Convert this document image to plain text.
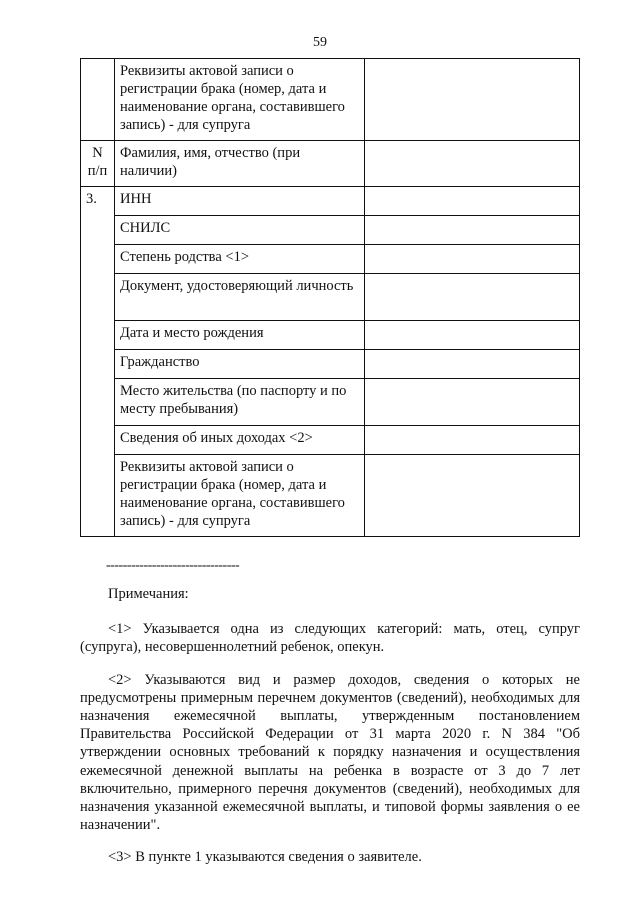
59
	Реквизиты актовой записи о регистрации брака (номер, дата и наименование органа, составившего запись) - для супруга	
N п/п	Фамилия, имя, отчество (при наличии)	
3.	ИНН	
	СНИЛС	
	Степень родства <1>	
	Документ, удостоверяющий личность	
	Дата и место рождения	
	Гражданство	
	Место жительства (по паспорту и по месту пребывания)	
	Сведения об иных доходах <2>	
	Реквизиты актовой записи о регистрации брака (номер, дата и наименование органа, составившего запись) - для супруга	
--------------------------------

Примечания:

<1> Указывается одна из следующих категорий: мать, отец, супруг (супруга), несовершеннолетний ребенок, опекун.

<2> Указываются вид и размер доходов, сведения о которых не предусмотрены примерным перечнем документов (сведений), необходимых для назначения ежемесячной выплаты, утвержденным постановлением Правительства Российской Федерации от 31 марта 2020 г. N 384 "Об утверждении основных требований к порядку назначения и осуществления ежемесячной денежной выплаты на ребенка в возрасте от 3 до 7 лет включительно, примерного перечня документов (сведений), необходимых для назначения указанной ежемесячной выплаты, и типовой формы заявления о ее назначении".

<3> В пункте 1 указываются сведения о заявителе.
